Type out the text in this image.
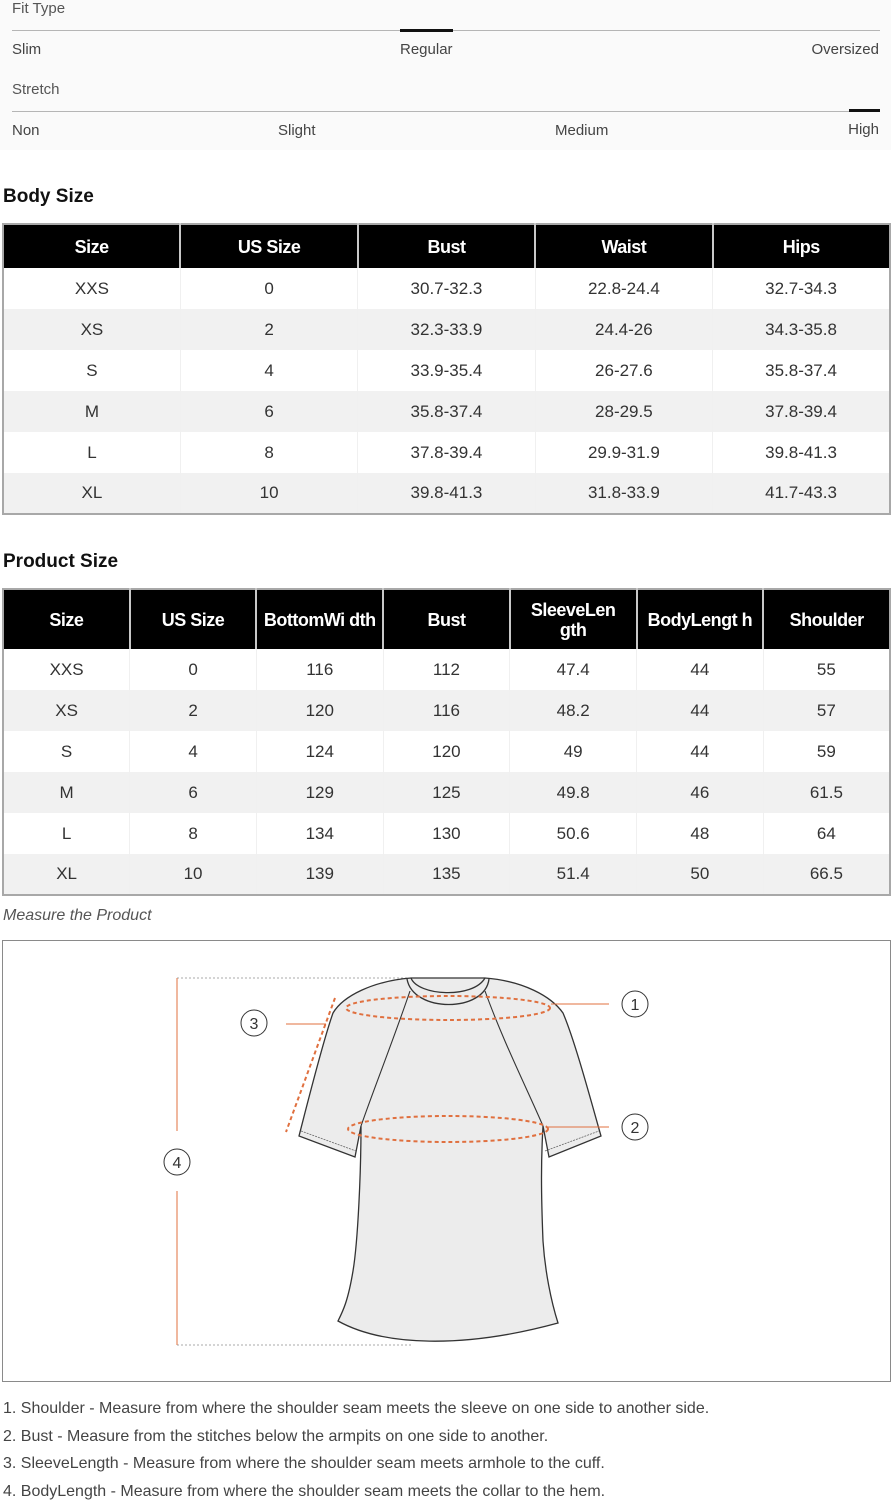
Fit Type
Slim	Regular	Oversized
Stretch
Non	Slight	Medium	High
Body Size
Size	US Size	Bust	Waist	Hips
XXS	0	30.7-32.3	22.8-24.4	32.7-34.3
XS	2	32.3-33.9	24.4-26	34.3-35.8
S	4	33.9-35.4	26-27.6	35.8-37.4
M	6	35.8-37.4	28-29.5	37.8-39.4
L	8	37.8-39.4	29.9-31.9	39.8-41.3
XL	10	39.8-41.3	31.8-33.9	41.7-43.3
Product Size
Size	US Size	BottomWi dth	Bust	SleeveLen gth	BodyLengt h	Shoulder
XXS	0	116	112	47.4	44	55
XS	2	120	116	48.2	44	57
S	4	124	120	49	44	59
M	6	129	125	49.8	46	61.5
L	8	134	130	50.6	48	64
XL	10	139	135	51.4	50	66.5
Measure the Product
1
2
3
4
1. Shoulder - Measure from where the shoulder seam meets the sleeve on one side to another side.
2. Bust - Measure from the stitches below the armpits on one side to another.
3. SleeveLength - Measure from where the shoulder seam meets armhole to the cuff.
4. BodyLength - Measure from where the shoulder seam meets the collar to the hem.
